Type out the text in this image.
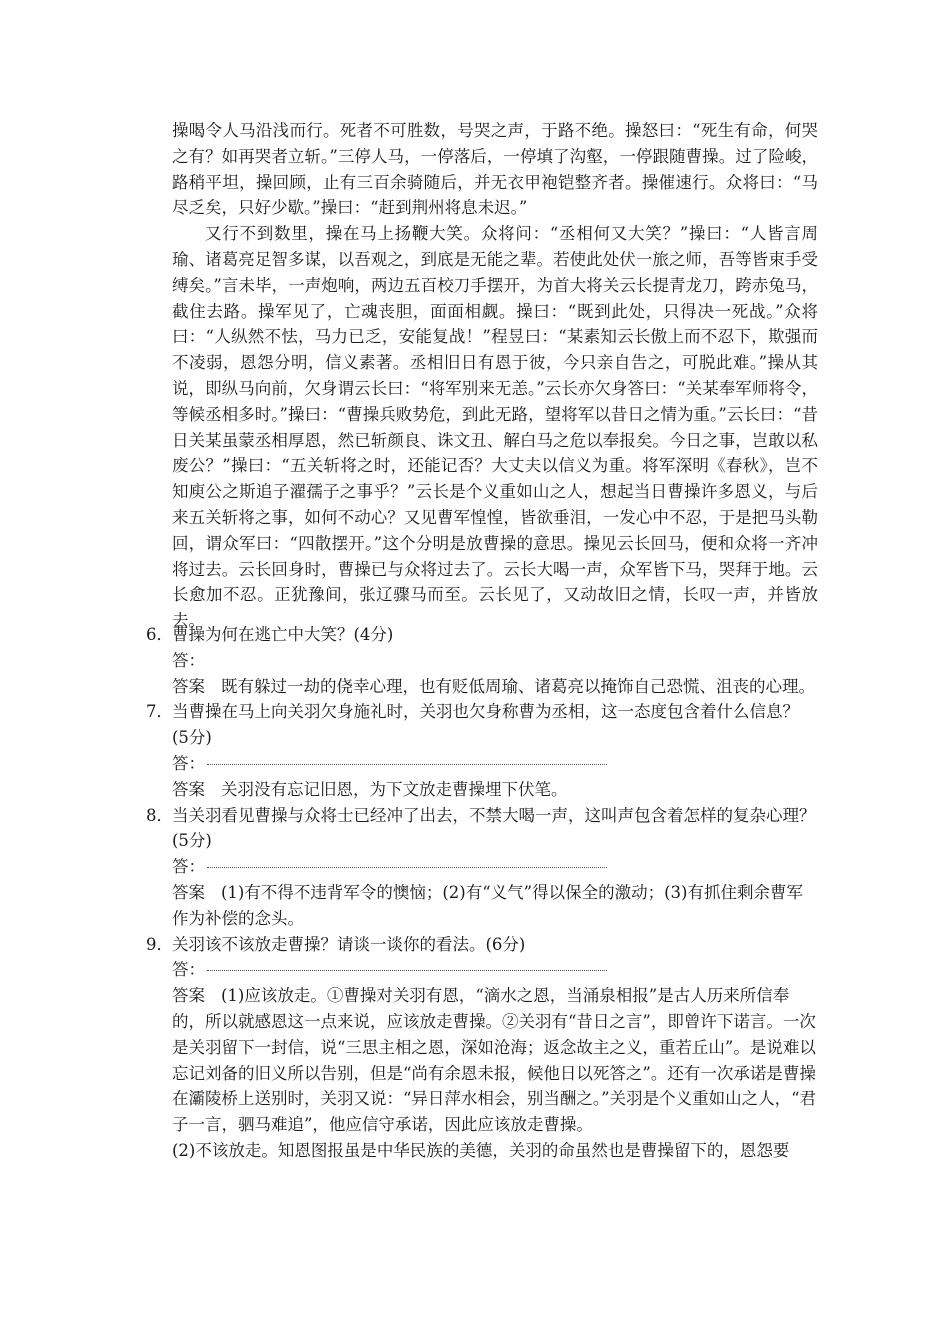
操喝令人马沿浅而行。死者不可胜数，号哭之声，于路不绝。操怒曰：“死生有命，何哭之有？如再哭者立斩。”三停人马，一停落后，一停填了沟壑，一停跟随曹操。过了险峻，路稍平坦，操回顾，止有三百余骑随后，并无衣甲袍铠整齐者。操催速行。众将曰：“马尽乏矣，只好少歇。”操曰：“赶到荆州将息未迟。”

又行不到数里，操在马上扬鞭大笑。众将问：“丞相何又大笑？”操曰：“人皆言周瑜、诸葛亮足智多谋，以吾观之，到底是无能之辈。若使此处伏一旅之师，吾等皆束手受缚矣。”言未毕，一声炮响，两边五百校刀手摆开，为首大将关云长提青龙刀，跨赤兔马，截住去路。操军见了，亡魂丧胆，面面相觑。操曰：“既到此处，只得决一死战。”众将曰：“人纵然不怯，马力已乏，安能复战！”程昱曰：“某素知云长傲上而不忍下，欺强而不凌弱，恩怨分明，信义素著。丞相旧日有恩于彼，今只亲自告之，可脱此难。”操从其说，即纵马向前，欠身谓云长曰：“将军别来无恙。”云长亦欠身答曰：“关某奉军师将令，等候丞相多时。”操曰：“曹操兵败势危，到此无路，望将军以昔日之情为重。”云长曰：“昔日关某虽蒙丞相厚恩，然已斩颜良、诛文丑、解白马之危以奉报矣。今日之事，岂敢以私废公？”操曰：“五关斩将之时，还能记否？大丈夫以信义为重。将军深明《春秋》，岂不知庾公之斯追子濯孺子之事乎？”云长是个义重如山之人，想起当日曹操许多恩义，与后来五关斩将之事，如何不动心？又见曹军惶惶，皆欲垂泪，一发心中不忍，于是把马头勒回，谓众军曰：“四散摆开。”这个分明是放曹操的意思。操见云长回马，便和众将一齐冲将过去。云长回身时，曹操已与众将过去了。云长大喝一声，众军皆下马，哭拜于地。云长愈加不忍。正犹豫间，张辽骤马而至。云长见了，又动故旧之情，长叹一声，并皆放去。

6． 曹操为何在逃亡中大笑？(4分)
答：
答案 既有躲过一劫的侥幸心理，也有贬低周瑜、诸葛亮以掩饰自己恐慌、沮丧的心理。
7． 当曹操在马上向关羽欠身施礼时，关羽也欠身称曹为丞相，这一态度包含着什么信息？
(5分)
答：
答案 关羽没有忘记旧恩，为下文放走曹操埋下伏笔。
8． 当关羽看见曹操与众将士已经冲了出去，不禁大喝一声，这叫声包含着怎样的复杂心理？
(5分)
答：
答案 (1)有不得不违背军令的懊恼；(2)有“义气”得以保全的激动；(3)有抓住剩余曹军作为补偿的念头。
9． 关羽该不该放走曹操？请谈一谈你的看法。(6分)
答：
答案 (1)应该放走。①曹操对关羽有恩，“滴水之恩，当涌泉相报”是古人历来所信奉的，所以就感恩这一点来说，应该放走曹操。②关羽有“昔日之言”，即曾许下诺言。一次是关羽留下一封信，说“三思主相之恩，深如沧海；返念故主之义，重若丘山”。是说难以忘记刘备的旧义所以告别，但是“尚有余恩未报，候他日以死答之”。还有一次承诺是曹操在灞陵桥上送别时，关羽又说：“异日萍水相会，别当酬之。”关羽是个义重如山之人，“君子一言，驷马难追”，他应信守承诺，因此应该放走曹操。
(2)不该放走。知恩图报虽是中华民族的美德，关羽的命虽然也是曹操留下的，恩怨要
